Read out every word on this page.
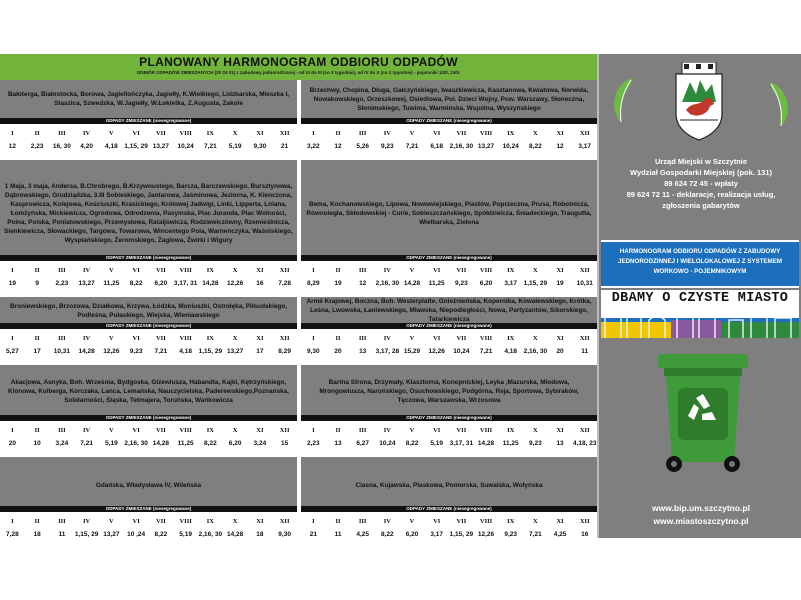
PLANOWANY HARMONOGRAM ODBIORU ODPADÓW
ODBIÓR ODPADÓW ZMIESZANYCH (20 03 01) z zabudowy jednorodzinnej - od XI do III (co 3 tygodnie), od IV do X (co 2 tygodnie) - pojemniki 120l, 240l.
Bałoterga, Białostocka, Borowa, Jagiellończyka, Jagiełły, K.Wielkiego, Lidzbarska, Mieszka I, Staszica, Szwedzka, W.Jagiełły, W.Łokietka, Z.Augusta, Zakole
ODPADY ZMIESZANE (niesegregowane)
I
12
II
2,23
III
16, 30
IV
4,20
V
4,18
VI
1,15, 29
VII
13,27
VIII
10,24
IX
7,21
X
5,19
XI
9,30
XII
21
1 Maja, 3 maja, Andersa, B.Chrobrego, B.Krzywoustego, Barcza, Barczewskiego, Bursztynowa, Dąbrowskiego, Grudziądzka, 3.III Sobieskiego, Jantarowa, Jaśminowa, Jeziorna, K. Klenczona, Kasprowicza, Kolejowa, Kościuszki, Krasickiego, Królowej Jadwigi, Linki, Lipperta, Lniana, Łomżyńska, Mickiewicza, Ogrodowa, Odrodzenia, Pasymska, Plac Juranda, Plac Wolności, Polna, Polska, Poniatowskiego, Przemysłowa, Rataljowicza, Rodziewiczówny, Rzemieślnicza, Sienkiewicza, Słowackiego, Targowa, Towarowa, Wincentego Pola, Warneńczyka, Waśniskiego, Wyspiańskiego, Żeromskiego, Żaglowa, Żwirki i Wigury
ODPADY ZMIESZANE (niesegregowane)
I
19
II
9
III
2,23
IV
13,27
V
11,25
VI
8,22
VII
6,20
VIII
3,17, 31
IX
14,28
X
12,26
XI
16
XII
7,28
Broniewskiego, Brzozowa, Działkowa, Krzywa, Łódzka, Moniuszki, Ostrołęka, Piłsudskiego, Podleśna, Pułaskiego, Wiejska, Wieniawskiego
ODPADY ZMIESZANE (niesegregowane)
I
5,27
II
17
III
10,31
IV
14,28
V
12,26
VI
9,23
VII
7,21
VIII
4,18
IX
1,15, 29
X
13,27
XI
17
XII
8,29
Akacjowa, Asnyka, Boh. Września, Bydgoska, Gizewiusza, Habandta, Kajki, Kętrzyńskiego, Klonowa, Kolberga, Korczaka, Lanca, Lemańska, Nauczycielska, Paderewskiego,Poznańska, Solidarności, Śląska, Tetmajera, Toruńska, Wańkowicza
ODPADY ZMIESZANE (niesegregowane)
I
20
II
10
III
3,24
IV
7,21
V
5,19
VI
2,16, 30
VII
14,28
VIII
11,25
IX
8,22
X
6,20
XI
3,24
XII
15
Gdańska, Władysława IV, Wileńska
ODPADY ZMIESZANE (niesegregowane)
I
7,28
II
18
III
11
IV
1,15, 29
V
13,27
VI
10 ,24
VII
8,22
VIII
5,19
IX
2,16, 30
X
14,28
XI
18
XII
9,30
Brzechwy, Chopina, Długa, Gałczyńskiego, Iwaszkiewicza, Kasztanowa, Kwiatowa, Norwida, Nowakowskiego, Orzeszkowej, Osiedlowa, Pol. Dzieci Wojny, Pow. Warszawy, Słoneczna, Słonimskiego, Tuwima, Warmińska, Wspólna, Wyszyńskiego
ODPADY ZMIESZANE (niesegregowane)
I
3,22
II
12
III
5,26
IV
9,23
V
7,21
VI
6,18
VII
2,16, 30
VIII
13,27
IX
10,24
X
8,22
XI
12
XII
3,17
Bema, Kochanowskiego, Lipowa, Nowowiejskiego, Piastów, Poprzeczna, Prusa, Robotnicza, Równoległa, Skłodowskiej - Curie, Sobieszczańskiego, Spółdzielcza, Śniadeckiego, Traugutta, Wielbarska, Zielona
ODPADY ZMIESZANE (niesegregowane)
I
8,29
II
19
III
12
IV
2,16, 30
V
14,28
VI
11,25
VII
9,23
VIII
6,20
IX
3,17
X
1,15, 29
XI
19
XII
10,31
Armii Krajowej, Boczna, Boh. Westerplatte, Gnieźnieńska, Kopernika, Kowalewskiego, Krótka, Leśna, Lwowska, Łaniewskiego, Mławska, Niepodległości, Nowa, Partyzantów, Sikorskiego, Tatarkiewicza
ODPADY ZMIESZANE (niesegregowane)
I
9,30
II
20
III
13
IV
3,17, 28
V
15,29
VI
12,26
VII
10,24
VIII
7,21
IX
4,18
X
2,16, 30
XI
20
XII
11
Bartna Strona, Drzymały, Klasztorna, Konopnickiej, Leyka ,Mazurska, Miodowa, Mrongowiusza, Narońskiego, Osuchowskiego, Podgórna, Reja, Sportowa, Sybiraków, Tęczowa, Warszawska, Wrzosowa
ODPADY ZMIESZANE (niesegregowane)
I
2,23
II
13
III
6,27
IV
10,24
V
8,22
VI
5,19
VII
3,17, 31
VIII
14,28
IX
11,25
X
9,23
XI
13
XII
4,18, 23
Ciasna, Kujawska, Plaskowa, Pomorska, Suwalska, Wołyńska
ODPADY ZMIESZANE (niesegregowane)
I
21
II
11
III
4,25
IV
8,22
V
6,20
VI
3,17
VII
1,15, 29
VIII
12,26
IX
9,23
X
7,21
XI
4,25
XII
16
Urząd Miejski w Szczytnie
Wydział Gospodarki Miejskiej (pok. 131)
89 624 72 45 - wpłaty
89 624 72 11 - deklaracje, realizacja usług,
zgłoszenia gabarytów
HARMONOGRAM ODBIORU ODPADÓW Z ZABUDOWY JEDNORODZINNEJ I WIELOLOKALOWEJ Z SYSTEMEM WORKOWO - POJEMNIKOWYM
DBAMY O CZYSTE MIASTO
www.bip.um.szczytno.pl
www.miastoszczytno.pl
